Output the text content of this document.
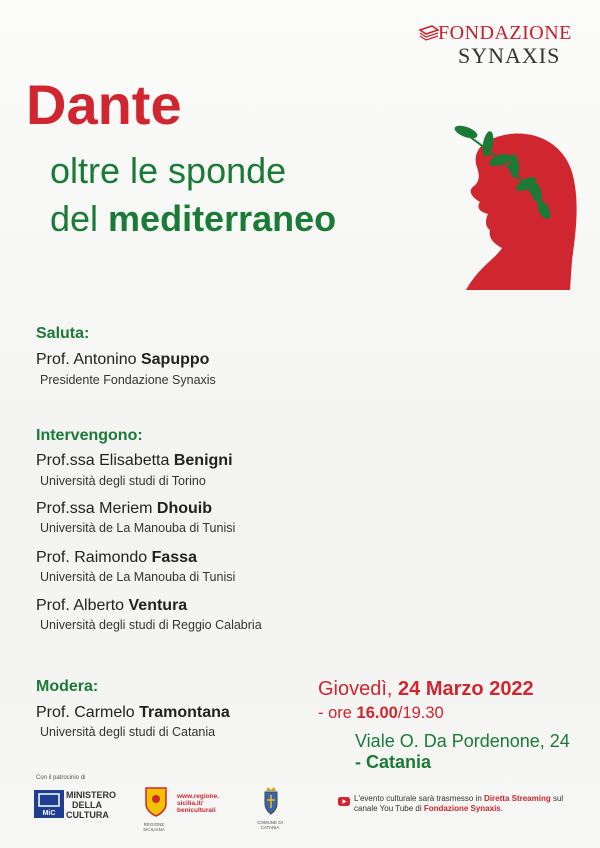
FONDAZIONE
SYNAXIS
Dante
oltre le sponde
del mediterraneo
Saluta:
Prof. Antonino Sapuppo
Presidente Fondazione Synaxis
Intervengono:
Prof.ssa Elisabetta Benigni
Università degli studi di Torino
Prof.ssa Meriem Dhouib
Università de La Manouba di Tunisi
Prof. Raimondo Fassa
Università de La Manouba di Tunisi
Prof. Alberto Ventura
Università degli studi di Reggio Calabria
Modera:
Prof. Carmelo Tramontana
Università degli studi di Catania
Giovedì, 24 Marzo 2022
- ore 16.00/19.30
Viale O. Da Pordenone, 24
- Catania
Con il patrocinio di
MiC
MINISTERO
DELLA
CULTURA
REGIONE SICILIANA
www.regione.
sicilia.it/
beniculturali
COMUNE DI CATANIA
L'evento culturale sarà trasmesso in Diretta Streaming sul canale You Tube di Fondazione Synaxis.
